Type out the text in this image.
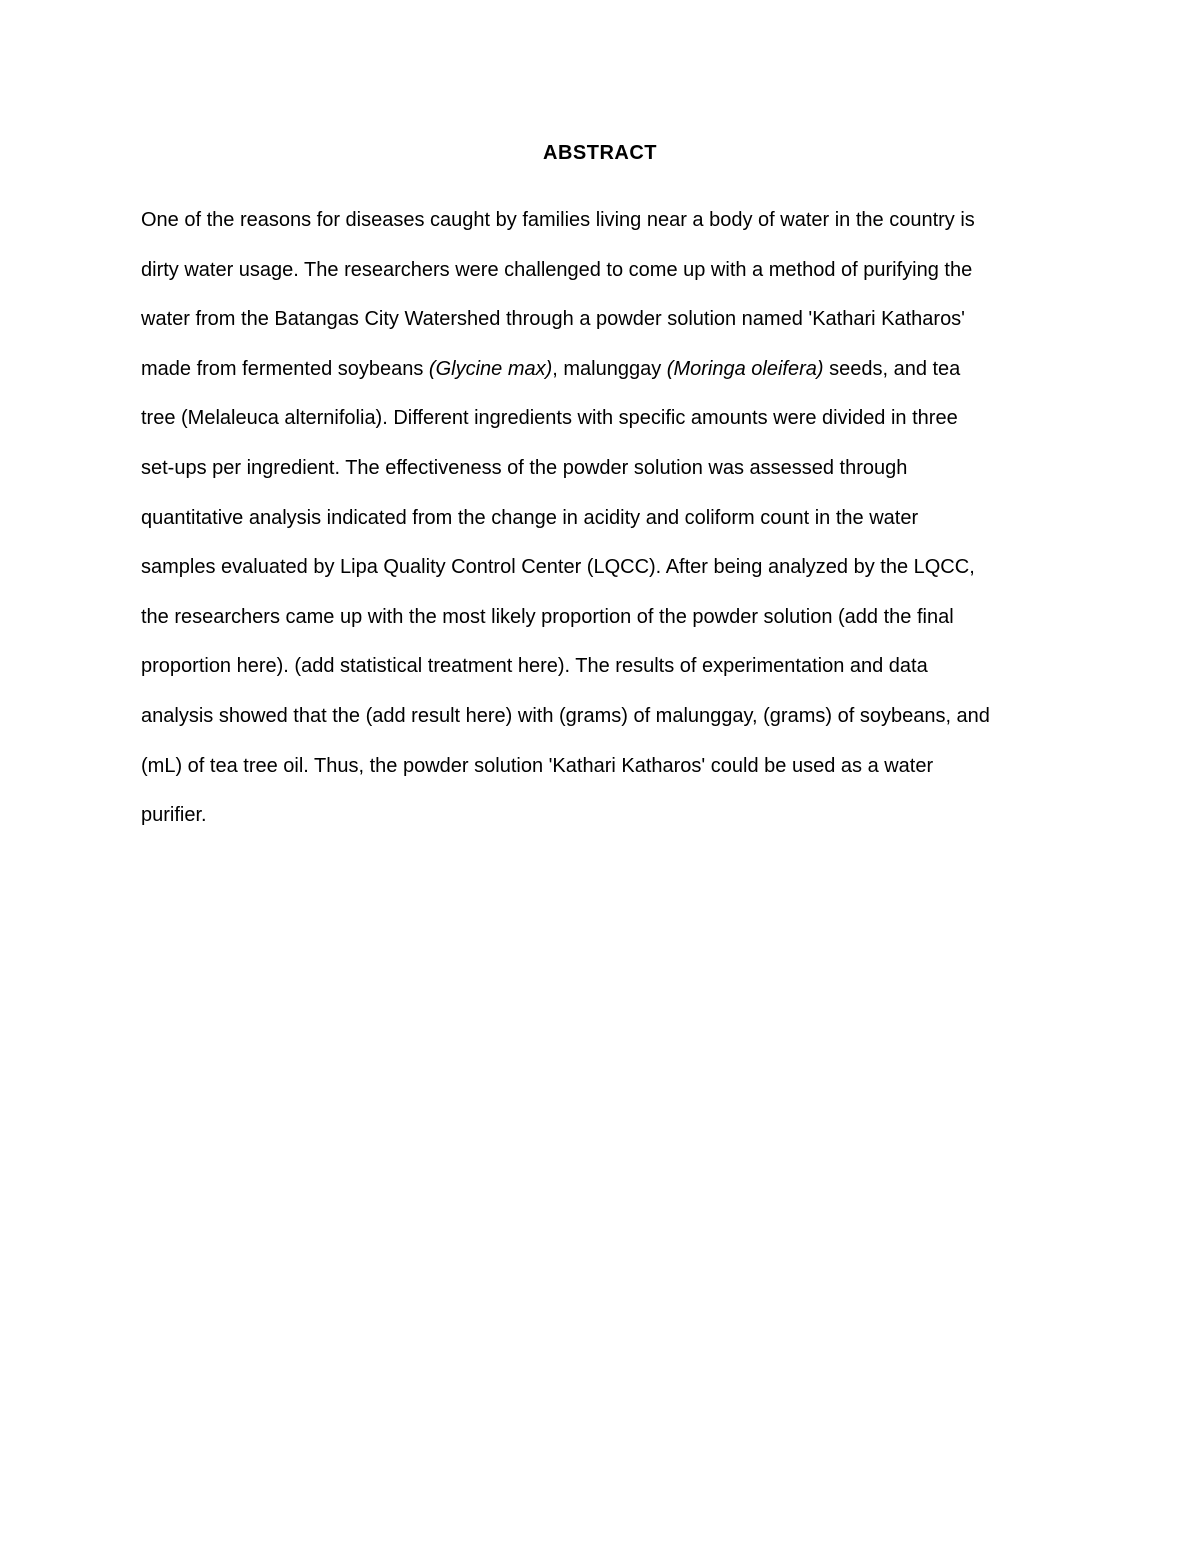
ABSTRACT
One of the reasons for diseases caught by families living near a body of water in the country is
dirty water usage. The researchers were challenged to come up with a method of purifying the
water from the Batangas City Watershed through a powder solution named 'Kathari Katharos'
made from fermented soybeans (Glycine max), malunggay (Moringa oleifera) seeds, and tea
tree (Melaleuca alternifolia). Different ingredients with specific amounts were divided in three
set-ups per ingredient. The effectiveness of the powder solution was assessed through
quantitative analysis indicated from the change in acidity and coliform count in the water
samples evaluated by Lipa Quality Control Center (LQCC). After being analyzed by the LQCC,
the researchers came up with the most likely proportion of the powder solution (add the final
proportion here). (add statistical treatment here). The results of experimentation and data
analysis showed that the (add result here) with (grams) of malunggay, (grams) of soybeans, and
(mL) of tea tree oil. Thus, the powder solution 'Kathari Katharos' could be used as a water
purifier.
